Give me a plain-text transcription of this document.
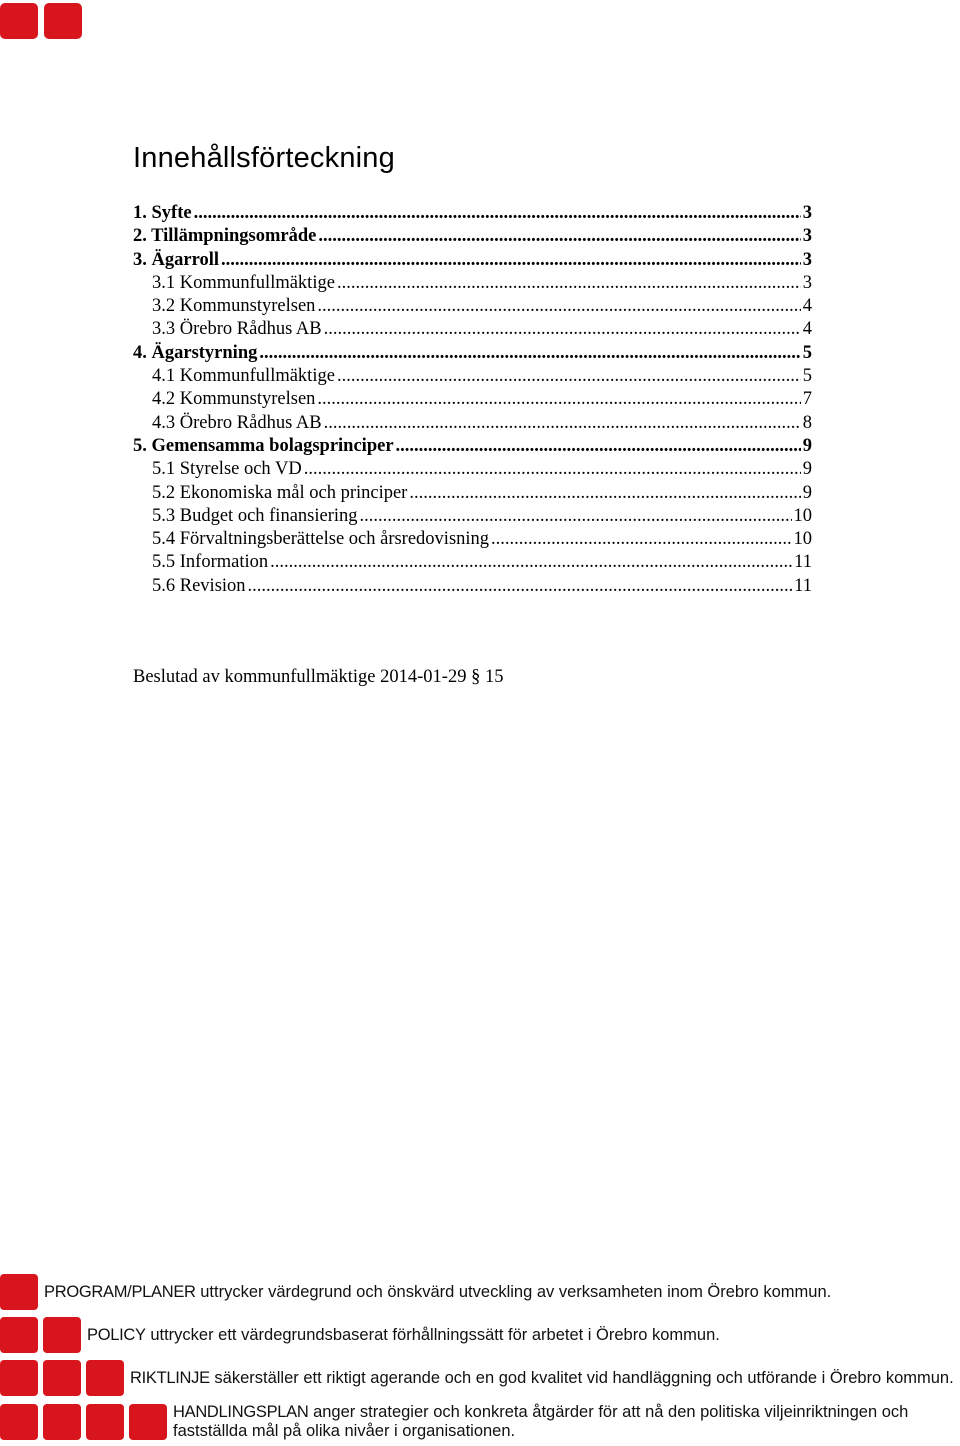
Innehållsförteckning
1. Syfte .....	3
2. Tillämpningsområde .....	3
3. Ägarroll .....	3
3.1 Kommunfullmäktige .....	3
3.2 Kommunstyrelsen .....	4
3.3 Örebro Rådhus AB .....	4
4. Ägarstyrning .....	5
4.1 Kommunfullmäktige .....	5
4.2 Kommunstyrelsen .....	7
4.3 Örebro Rådhus AB .....	8
5. Gemensamma bolagsprinciper .....	9
5.1 Styrelse och VD .....	9
5.2 Ekonomiska mål och principer .....	9
5.3 Budget och finansiering .....	10
5.4 Förvaltningsberättelse och årsredovisning .....	10
5.5 Information .....	11
5.6 Revision .....	11
Beslutad av kommunfullmäktige 2014-01-29 § 15
PROGRAM/PLANER uttrycker värdegrund och önskvärd utveckling av verksamheten inom Örebro kommun.
POLICY uttrycker ett värdegrundsbaserat förhållningssätt för arbetet i Örebro kommun.
RIKTLINJE säkerställer ett riktigt agerande och en god kvalitet vid handläggning och utförande i Örebro kommun.
HANDLINGSPLAN anger strategier och konkreta åtgärder för att nå den politiska viljeinriktningen och fastställda mål på olika nivåer i organisationen.
